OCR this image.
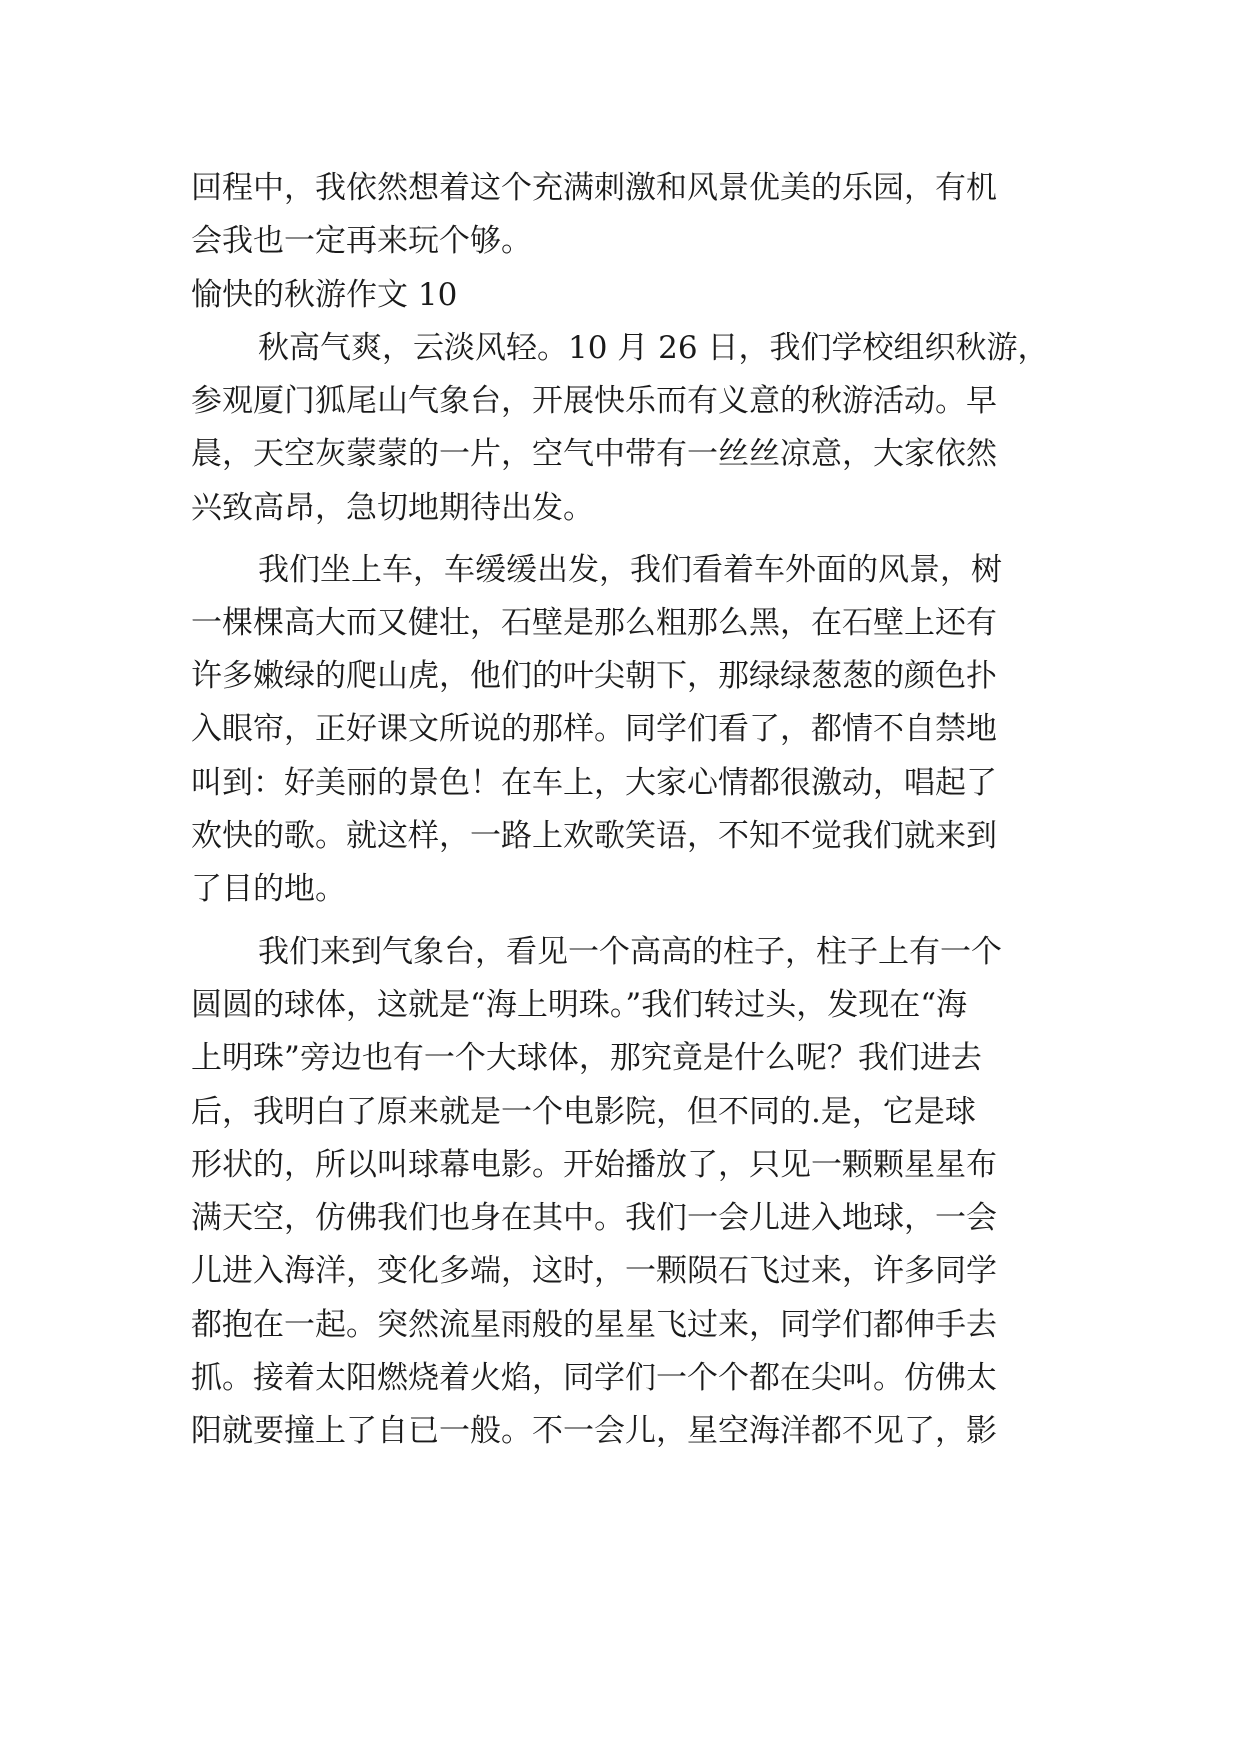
回程中，我依然想着这个充满刺激和风景优美的乐园，有机
会我也一定再来玩个够。
愉快的秋游作文 10
秋高气爽，云淡风轻。10 月 26 日，我们学校组织秋游，
参观厦门狐尾山气象台，开展快乐而有义意的秋游活动。早
晨，天空灰蒙蒙的一片，空气中带有一丝丝凉意，大家依然
兴致高昂，急切地期待出发。
我们坐上车，车缓缓出发，我们看着车外面的风景，树
一棵棵高大而又健壮，石壁是那么粗那么黑，在石壁上还有
许多嫩绿的爬山虎，他们的叶尖朝下，那绿绿葱葱的颜色扑
入眼帘，正好课文所说的那样。同学们看了，都情不自禁地
叫到：好美丽的景色！在车上，大家心情都很激动，唱起了
欢快的歌。就这样，一路上欢歌笑语，不知不觉我们就来到
了目的地。
我们来到气象台，看见一个高高的柱子，柱子上有一个
圆圆的球体，这就是“海上明珠。”我们转过头，发现在“海
上明珠”旁边也有一个大球体，那究竟是什么呢？我们进去
后，我明白了原来就是一个电影院，但不同的.是，它是球
形状的，所以叫球幕电影。开始播放了，只见一颗颗星星布
满天空，仿佛我们也身在其中。我们一会儿进入地球，一会
儿进入海洋，变化多端，这时，一颗陨石飞过来，许多同学
都抱在一起。突然流星雨般的星星飞过来，同学们都伸手去
抓。接着太阳燃烧着火焰，同学们一个个都在尖叫。仿佛太
阳就要撞上了自已一般。不一会儿，星空海洋都不见了，影
